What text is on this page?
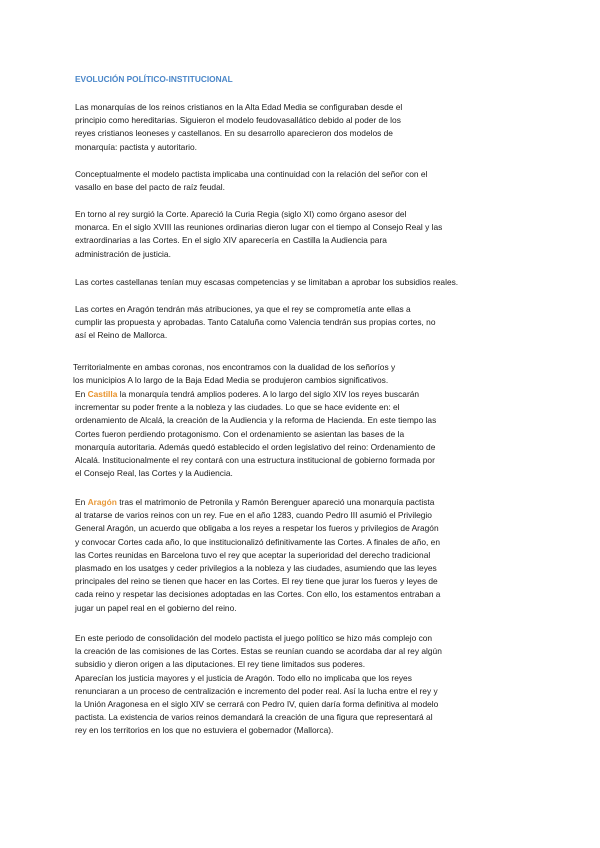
EVOLUCIÓN POLÍTICO-INSTITUCIONAL
Las monarquías de los reinos cristianos en la Alta Edad Media se configuraban desde el
principio como hereditarias. Siguieron el modelo feudovasallático debido al poder de los
reyes cristianos leoneses y castellanos. En su desarrollo aparecieron dos modelos de
monarquía: pactista y autoritario.
Conceptualmente el modelo pactista implicaba una continuidad con la relación del señor con el
vasallo en base del pacto de raíz feudal.
En torno al rey surgió la Corte. Apareció la Curia Regia (siglo XI) como órgano asesor del
monarca. En el siglo XVIII las reuniones ordinarias dieron lugar con el tiempo al Consejo Real y las
extraordinarias a las Cortes. En el siglo XIV aparecería en Castilla la Audiencia para
administración de justicia.
Las cortes castellanas tenían muy escasas competencias y se limitaban a aprobar los subsidios reales.
Las cortes en Aragón tendrán más atribuciones, ya que el rey se comprometía ante ellas a
cumplir las propuesta y aprobadas. Tanto Cataluña como Valencia tendrán sus propias cortes, no
así el Reino de Mallorca.
Territorialmente en ambas coronas, nos encontramos con la dualidad de los señoríos y
los municipios A lo largo de la Baja Edad Media se produjeron cambios significativos.
En Castilla la monarquía tendrá amplios poderes. A lo largo del siglo XIV los reyes buscarán
incrementar su poder frente a la nobleza y las ciudades. Lo que se hace evidente en: el
ordenamiento de Alcalá, la creación de la Audiencia y la reforma de Hacienda. En este tiempo las
Cortes fueron perdiendo protagonismo. Con el ordenamiento se asientan las bases de la
monarquía autoritaria. Además quedó establecido el orden legislativo del reino: Ordenamiento de
Alcalá. Institucionalmente el rey contará con una estructura institucional de gobierno formada por
el Consejo Real, las Cortes y la Audiencia.
En Aragón tras el matrimonio de Petronila y Ramón Berenguer apareció una monarquía pactista
al tratarse de varios reinos con un rey. Fue en el año 1283, cuando Pedro III asumió el Privilegio
General Aragón, un acuerdo que obligaba a los reyes a respetar los fueros y privilegios de Aragón
y convocar Cortes cada año, lo que institucionalizó definitivamente las Cortes. A finales de año, en
las Cortes reunidas en Barcelona tuvo el rey que aceptar la superioridad del derecho tradicional
plasmado en los usatges y ceder privilegios a la nobleza y las ciudades, asumiendo que las leyes
principales del reino se tienen que hacer en las Cortes. El rey tiene que jurar los fueros y leyes de
cada reino y respetar las decisiones adoptadas en las Cortes. Con ello, los estamentos entraban a
jugar un papel real en el gobierno del reino.
En este periodo de consolidación del modelo pactista el juego político se hizo más complejo con
la creación de las comisiones de las Cortes. Estas se reunían cuando se acordaba dar al rey algún
subsidio y dieron origen a las diputaciones. El rey tiene limitados sus poderes.
Aparecían los justicia mayores y el justicia de Aragón. Todo ello no implicaba que los reyes
renunciaran a un proceso de centralización e incremento del poder real. Así la lucha entre el rey y
la Unión Aragonesa en el siglo XIV se cerrará con Pedro IV, quien daría forma definitiva al modelo
pactista. La existencia de varios reinos demandará la creación de una figura que representará al
rey en los territorios en los que no estuviera el gobernador (Mallorca).
